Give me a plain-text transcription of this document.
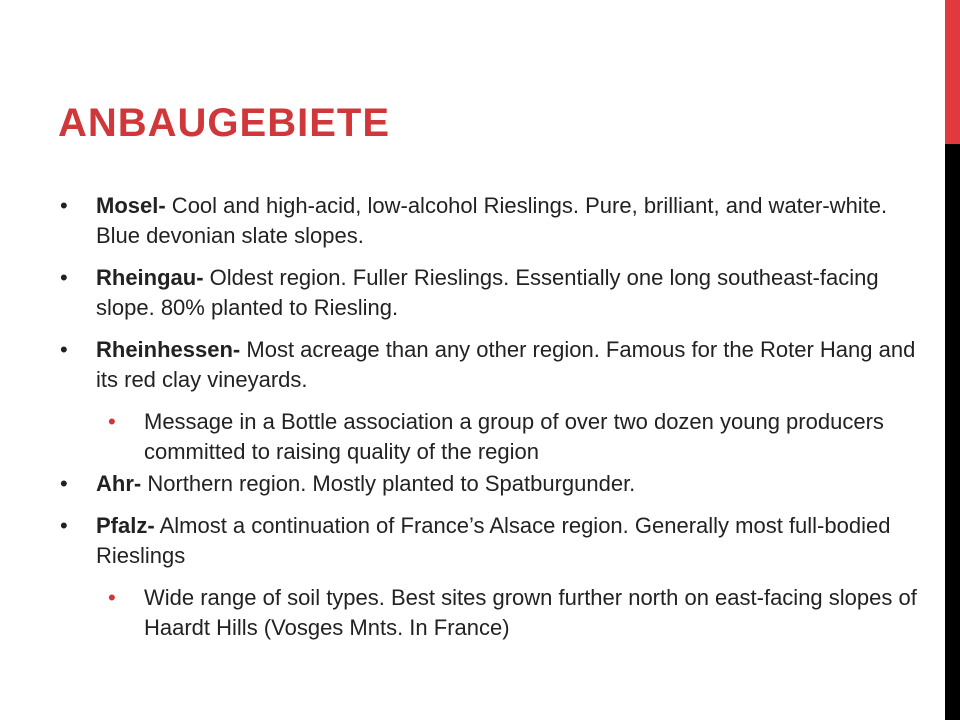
ANBAUGEBIETE
• Mosel- Cool and high-acid, low-alcohol Rieslings. Pure, brilliant, and water-white. Blue devonian slate slopes.
• Rheingau- Oldest region. Fuller Rieslings. Essentially one long southeast-facing slope. 80% planted to Riesling.
• Rheinhessen- Most acreage than any other region. Famous for the Roter Hang and its red clay vineyards.
• Message in a Bottle association a group of over two dozen young producers committed to raising quality of the region
• Ahr- Northern region. Mostly planted to Spatburgunder.
• Pfalz- Almost a continuation of France’s Alsace region. Generally most full-bodied Rieslings
• Wide range of soil types. Best sites grown further north on east-facing slopes of Haardt Hills (Vosges Mnts. In France)
